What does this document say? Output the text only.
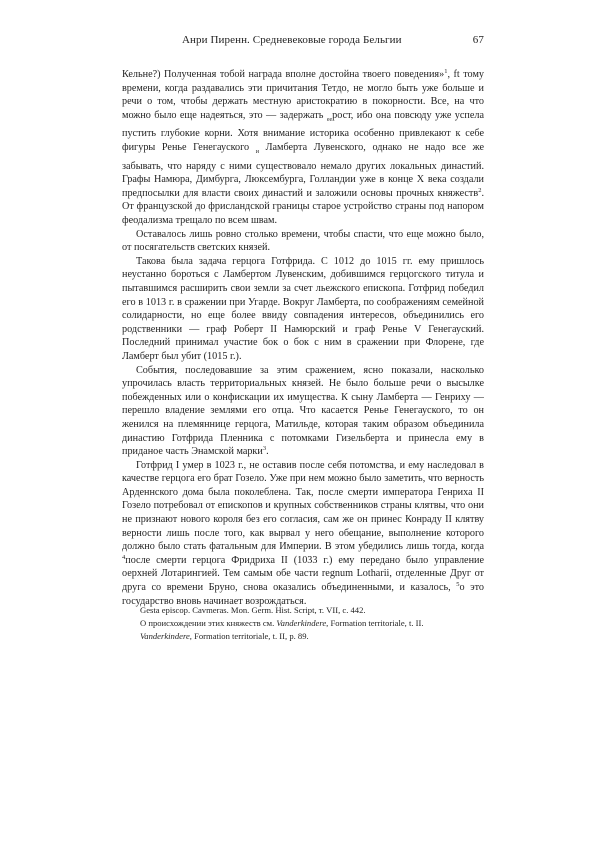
Анри Пиренн. Средневековые города Бельгии	67

Кельне?) Полученная тобой награда вполне достойна твоего поведения»$^1$, ft тому времени, когда раздавались эти причитания Тетдо, не могло быть уже больше и речи о том, чтобы держать местную аристократию в покорности. Все, на что можно было еще надеяться, это — задержать $_{ее}$рост, ибо она повсюду уже успела пустить глубокие корни. Хотя внимание историка особенно привлекают к себе фигуры Ренье Генегауского $_и$ Ламберта Лувенского, однако не надо все же забывать, что наряду с ними существовало немало других локальных династий. Графы Намюра, Димбурга, Люксембурга, Голландии уже в конце X века создали предпосылки для власти своих династий и заложили основы прочных княжеств$^2$. От французской до фрисландской границы старое устройство страны под напором феодализма трещало по всем швам.

Оставалось лишь ровно столько времени, чтобы спасти, что еще можно было, от посягательств светских князей.

Такова была задача герцога Готфрида. С 1012 до 1015 гг. ему пришлось неустанно бороться с Ламбертом Лувенским, добившимся герцогского титула и пытавшимся расширить свои земли за счет льежского епископа. Готфрид победил его в 1013 г. в сражении при Угарде. Вокруг Ламберта, по соображениям семейной солидарности, но еще более ввиду совпадения интересов, объединились его родственники — граф Роберт II Намюрский и граф Ренье V Генегауский. Последний принимал участие бок о бок с ним в сражении при Флорене, где Ламберт был убит (1015 г.).

События, последовавшие за этим сражением, ясно показали, насколько упрочилась власть территориальных князей. Не было больше речи о высылке побежденных или о конфискации их имущества. К сыну Ламберта — Генриху — перешло владение землями его отца. Что касается Ренье Генегауского, то он женился на племяннице герцога, Матильде, которая таким образом объединила династию Готфрида Пленника с потомками Гизельберта и принесла ему в приданое часть Энамской марки$^3$.

Готфрид I умер в 1023 г., не оставив после себя потомства, и ему наследовал в качестве герцога его брат Гозело. Уже при нем можно было заметить, что верность Арденнского дома была поколеблена. Так, после смерти императора Генриха II Гозело потребовал от епископов и крупных собственников страны клятвы, что они не признают нового короля без его согласия, сам же он принес Конраду II клятву верности лишь после того, как вырвал у него обещание, выполнение которого должно было стать фатальным для Империи. В этом убедились лишь тогда, когда $^4$после смерти герцога Фридриха II (1033 г.) ему передано было управление оерхней Лотарингией. Тем самым обе части regnum Lotharii, отделенные Друг от друга со времени Бруно, снова оказались объединенными, и казалось, $^5$о это государство вновь начинает возрождаться.

Gesta episcop. Cavmeras. Mon. Germ. Hist. Script, т. VII, с. 442.
О происхождении этих княжеств см. Vanderkindere, Formation territoriale, t. II.
Vanderkindere, Formation territoriale, t. II, p. 89.
